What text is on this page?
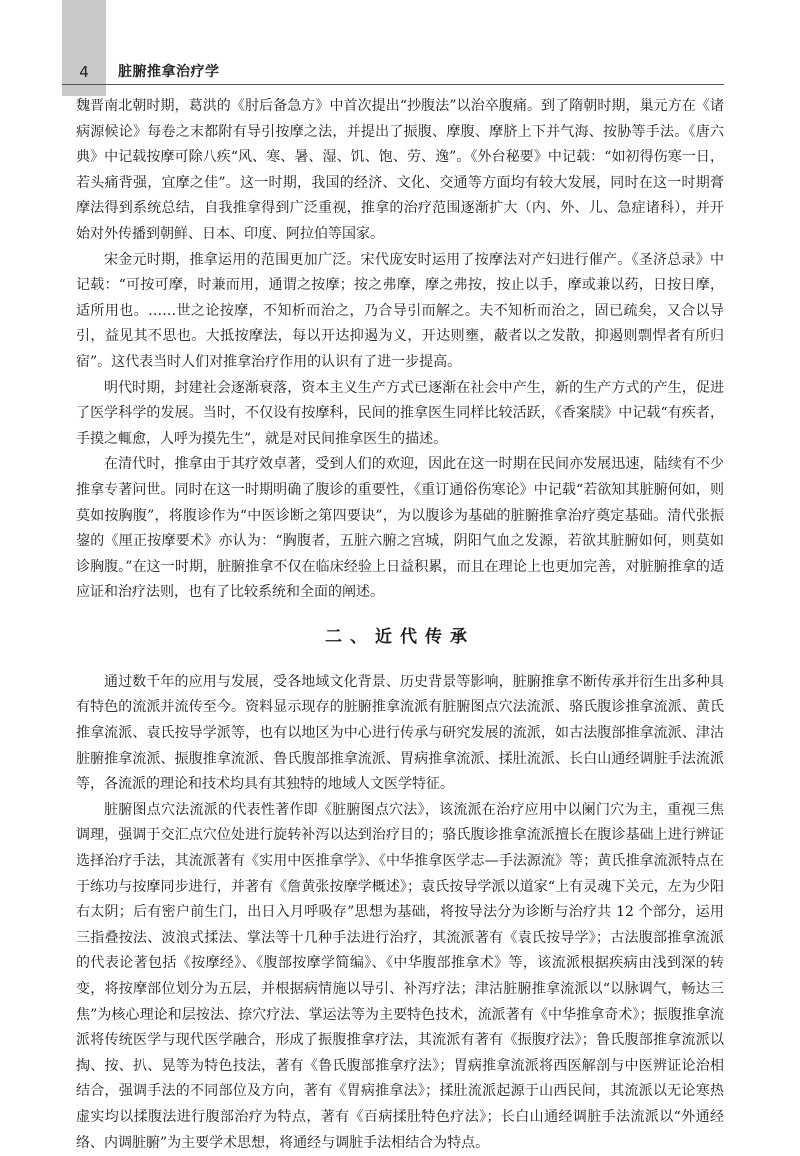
4	脏腑推拿治疗学

魏晋南北朝时期，葛洪的《肘后备急方》中首次提出“抄腹法”以治卒腹痛。到了隋朝时期，巢元方在《诸病源候论》每卷之末都附有导引按摩之法，并提出了振腹、摩腹、摩脐上下并气海、按胁等手法。《唐六典》中记载按摩可除八疾“风、寒、暑、湿、饥、饱、劳、逸”。《外台秘要》中记载：“如初得伤寒一日，若头痛背强，宜摩之佳”。这一时期，我国的经济、文化、交通等方面均有较大发展，同时在这一时期膏摩法得到系统总结，自我推拿得到广泛重视，推拿的治疗范围逐渐扩大（内、外、儿、急症诸科），并开始对外传播到朝鲜、日本、印度、阿拉伯等国家。

宋金元时期，推拿运用的范围更加广泛。宋代庞安时运用了按摩法对产妇进行催产。《圣济总录》中记载：“可按可摩，时兼而用，通谓之按摩；按之弗摩，摩之弗按，按止以手，摩或兼以药，日按日摩，适所用也。……世之论按摩，不知析而治之，乃合导引而解之。夫不知析而治之，固已疏矣，又合以导引，益见其不思也。大抵按摩法，每以开达抑遏为义，开达则壅，蔽者以之发散，抑遏则剽悍者有所归宿”。这代表当时人们对推拿治疗作用的认识有了进一步提高。

明代时期，封建社会逐渐衰落，资本主义生产方式已逐渐在社会中产生，新的生产方式的产生，促进了医学科学的发展。当时，不仅设有按摩科，民间的推拿医生同样比较活跃，《香案牍》中记载“有疾者，手摸之輒愈，人呼为摸先生”，就是对民间推拿医生的描述。

在清代时，推拿由于其疗效卓著，受到人们的欢迎，因此在这一时期在民间亦发展迅速，陆续有不少推拿专著问世。同时在这一时期明确了腹诊的重要性，《重订通俗伤寒论》中记载“若欲知其脏腑何如，则莫如按胸腹”，将腹诊作为“中医诊断之第四要诀”，为以腹诊为基础的脏腑推拿治疗奠定基础。清代张振鋆的《厘正按摩要术》亦认为：“胸腹者，五脏六腑之宫城，阴阳气血之发源，若欲其脏腑如何，则莫如诊胸腹。”在这一时期，脏腑推拿不仅在临床经验上日益积累，而且在理论上也更加完善，对脏腑推拿的适应证和治疗法则，也有了比较系统和全面的阐述。

二、近代传承

通过数千年的应用与发展，受各地域文化背景、历史背景等影响，脏腑推拿不断传承并衍生出多种具有特色的流派并流传至今。资料显示现存的脏腑推拿流派有脏腑图点穴法流派、骆氏腹诊推拿流派、黄氏推拿流派、袁氏按导学派等，也有以地区为中心进行传承与研究发展的流派，如古法腹部推拿流派、津沽脏腑推拿流派、振腹推拿流派、鲁氏腹部推拿流派、胃病推拿流派、揉肚流派、长白山通经调脏手法流派等，各流派的理论和技术均具有其独特的地域人文医学特征。

脏腑图点穴法流派的代表性著作即《脏腑图点穴法》，该流派在治疗应用中以阑门穴为主，重视三焦调理，强调于交汇点穴位处进行旋转补泻以达到治疗目的；骆氏腹诊推拿流派擅长在腹诊基础上进行辨证选择治疗手法，其流派著有《实用中医推拿学》、《中华推拿医学志—手法源流》等；黄氏推拿流派特点在于练功与按摩同步进行，并著有《詹黄张按摩学概述》；袁氏按导学派以道家“上有灵魂下关元，左为少阳右太阴；后有密户前生门，出日入月呼吸存”思想为基础，将按导法分为诊断与治疗共 12 个部分，运用三指叠按法、波浪式揉法、掌法等十几种手法进行治疗，其流派著有《袁氏按导学》；古法腹部推拿流派的代表论著包括《按摩经》、《腹部按摩学简编》、《中华腹部推拿术》等，该流派根据疾病由浅到深的转变，将按摩部位划分为五层，并根据病情施以导引、补泻疗法；津沽脏腑推拿流派以“以脉调气，畅达三焦”为核心理论和层按法、捺穴疗法、掌运法等为主要特色技术，流派著有《中华推拿奇术》；振腹推拿流派将传统医学与现代医学融合，形成了振腹推拿疗法，其流派有著有《振腹疗法》；鲁氏腹部推拿流派以掏、按、扒、晃等为特色技法，著有《鲁氏腹部推拿疗法》；胃病推拿流派将西医解剖与中医辨证论治相结合，强调手法的不同部位及方向，著有《胃病推拿法》；揉肚流派起源于山西民间，其流派以无论寒热虚实均以揉腹法进行腹部治疗为特点，著有《百病揉肚特色疗法》；长白山通经调脏手法流派以“外通经络、内调脏腑”为主要学术思想，将通经与调脏手法相结合为特点。
